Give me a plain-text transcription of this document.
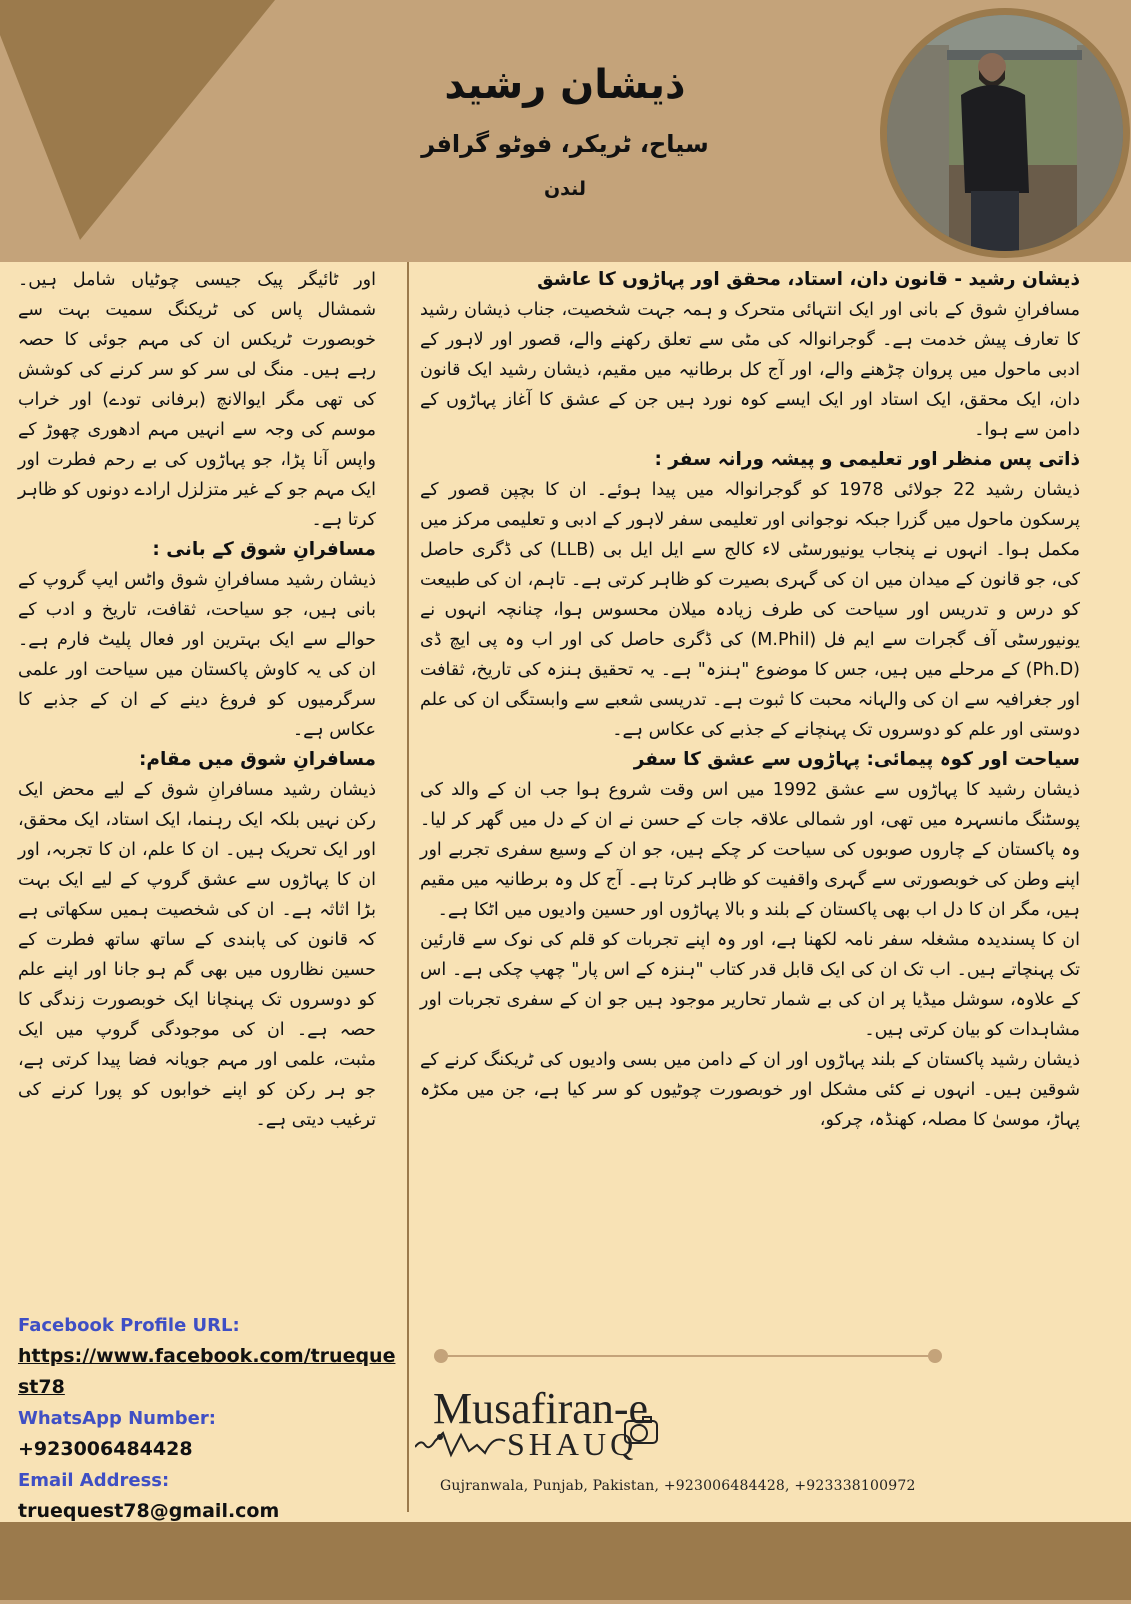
ذیشان رشید
سیاح، ٹریکر، فوٹو گرافر
لندن

ذیشان رشید - قانون دان، استاد، محقق اور پہاڑوں کا عاشق

مسافرانِ شوق کے بانی اور ایک انتہائی متحرک و ہمہ جہت شخصیت، جناب ذیشان رشید کا تعارف پیش خدمت ہے۔ گوجرانوالہ کی مٹی سے تعلق رکھنے والے، قصور اور لاہور کے ادبی ماحول میں پروان چڑھنے والے، اور آج کل برطانیہ میں مقیم، ذیشان رشید ایک قانون دان، ایک محقق، ایک استاد اور ایک ایسے کوہ نورد ہیں جن کے عشق کا آغاز پہاڑوں کے دامن سے ہوا۔

ذاتی پس منظر اور تعلیمی و پیشہ ورانہ سفر :

ذیشان رشید 22 جولائی 1978 کو گوجرانوالہ میں پیدا ہوئے۔ ان کا بچپن قصور کے پرسکون ماحول میں گزرا جبکہ نوجوانی اور تعلیمی سفر لاہور کے ادبی و تعلیمی مرکز میں مکمل ہوا۔ انہوں نے پنجاب یونیورسٹی لاء کالج سے ایل ایل بی (LLB) کی ڈگری حاصل کی، جو قانون کے میدان میں ان کی گہری بصیرت کو ظاہر کرتی ہے۔ تاہم، ان کی طبیعت کو درس و تدریس اور سیاحت کی طرف زیادہ میلان محسوس ہوا، چنانچہ انہوں نے یونیورسٹی آف گجرات سے ایم فل (M.Phil) کی ڈگری حاصل کی اور اب وہ پی ایچ ڈی (Ph.D) کے مرحلے میں ہیں، جس کا موضوع "ہنزہ" ہے۔ یہ تحقیق ہنزہ کی تاریخ، ثقافت اور جغرافیہ سے ان کی والہانہ محبت کا ثبوت ہے۔ تدریسی شعبے سے وابستگی ان کی علم دوستی اور علم کو دوسروں تک پہنچانے کے جذبے کی عکاس ہے۔

سیاحت اور کوہ پیمائی: پہاڑوں سے عشق کا سفر

ذیشان رشید کا پہاڑوں سے عشق 1992 میں اس وقت شروع ہوا جب ان کے والد کی پوسٹنگ مانسہرہ میں تھی، اور شمالی علاقہ جات کے حسن نے ان کے دل میں گھر کر لیا۔ وہ پاکستان کے چاروں صوبوں کی سیاحت کر چکے ہیں، جو ان کے وسیع سفری تجربے اور اپنے وطن کی خوبصورتی سے گہری واقفیت کو ظاہر کرتا ہے۔ آج کل وہ برطانیہ میں مقیم ہیں، مگر ان کا دل اب بھی پاکستان کے بلند و بالا پہاڑوں اور حسین وادیوں میں اٹکا ہے۔

ان کا پسندیدہ مشغلہ سفر نامہ لکھنا ہے، اور وہ اپنے تجربات کو قلم کی نوک سے قارئین تک پہنچاتے ہیں۔ اب تک ان کی ایک قابل قدر کتاب "ہنزہ کے اس پار" چھپ چکی ہے۔ اس کے علاوہ، سوشل میڈیا پر ان کی بے شمار تحاریر موجود ہیں جو ان کے سفری تجربات اور مشاہدات کو بیان کرتی ہیں۔

ذیشان رشید پاکستان کے بلند پہاڑوں اور ان کے دامن میں بسی وادیوں کی ٹریکنگ کرنے کے شوقین ہیں۔ انہوں نے کئی مشکل اور خوبصورت چوٹیوں کو سر کیا ہے، جن میں مکڑہ پہاڑ، موسیٰ کا مصلہ، کھنڈہ، چرکو،

اور ٹائیگر پیک جیسی چوٹیاں شامل ہیں۔ شمشال پاس کی ٹریکنگ سمیت بہت سے خوبصورت ٹریکس ان کی مہم جوئی کا حصہ رہے ہیں۔ منگ لی سر کو سر کرنے کی کوشش کی تھی مگر ایوالانچ (برفانی تودے) اور خراب موسم کی وجہ سے انہیں مہم ادھوری چھوڑ کے واپس آنا پڑا، جو پہاڑوں کی بے رحم فطرت اور ایک مہم جو کے غیر متزلزل ارادے دونوں کو ظاہر کرتا ہے۔

مسافرانِ شوق کے بانی :

ذیشان رشید مسافرانِ شوق واٹس ایپ گروپ کے بانی ہیں، جو سیاحت، ثقافت، تاریخ و ادب کے حوالے سے ایک بہترین اور فعال پلیٹ فارم ہے۔ ان کی یہ کاوش پاکستان میں سیاحت اور علمی سرگرمیوں کو فروغ دینے کے ان کے جذبے کا عکاس ہے۔

مسافرانِ شوق میں مقام:

ذیشان رشید مسافرانِ شوق کے لیے محض ایک رکن نہیں بلکہ ایک رہنما، ایک استاد، ایک محقق، اور ایک تحریک ہیں۔ ان کا علم، ان کا تجربہ، اور ان کا پہاڑوں سے عشق گروپ کے لیے ایک بہت بڑا اثاثہ ہے۔ ان کی شخصیت ہمیں سکھاتی ہے کہ قانون کی پابندی کے ساتھ ساتھ فطرت کے حسین نظاروں میں بھی گم ہو جانا اور اپنے علم کو دوسروں تک پہنچانا ایک خوبصورت زندگی کا حصہ ہے۔ ان کی موجودگی گروپ میں ایک مثبت، علمی اور مہم جویانہ فضا پیدا کرتی ہے، جو ہر رکن کو اپنے خوابوں کو پورا کرنے کی ترغیب دیتی ہے۔

Facebook Profile URL:
https://www.facebook.com/truequest78
WhatsApp Number:
+923006484428
Email Address:
truequest78@gmail.com
Musafiran-e
SHAUQ
Gujranwala, Punjab, Pakistan, +923006484428, +923338100972
